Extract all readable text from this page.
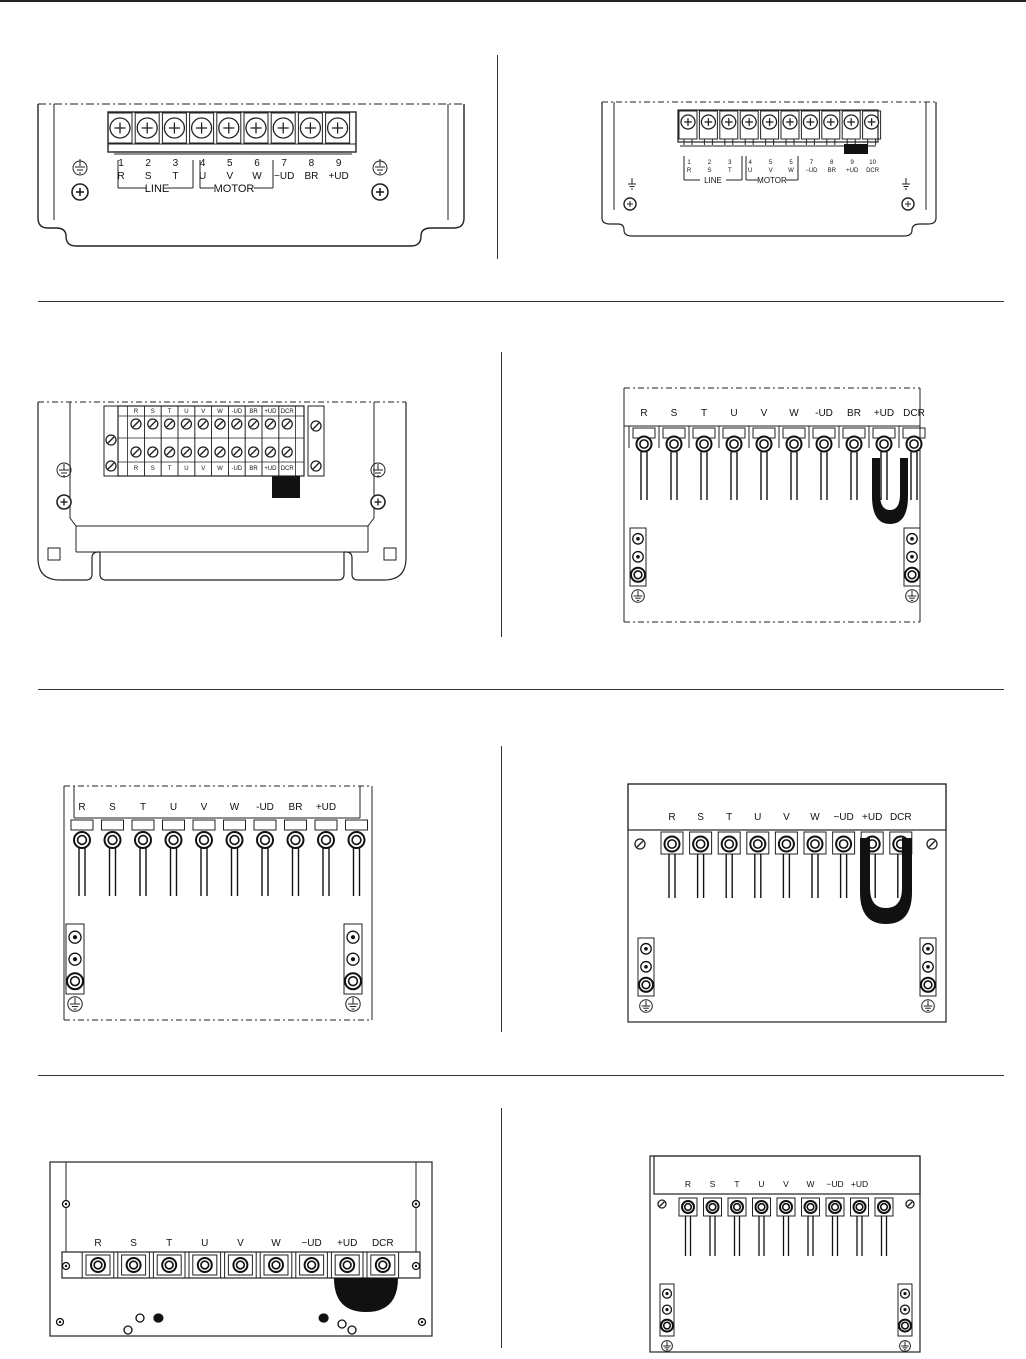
1
R
2
S
3
T
4
U
5
V
6
W
7
−UD
8
BR
9
+UD
LINE	MOTOR
1
R
2
S
3
T
4
U
5
V
5
W
7
−UD
8
BR
9
+UD
10
DCR
LINE	MOTOR
R
R
S
S
T
T
U
U
V
V
W
W
-UD
-UD
BR
BR
+UD
+UD
DCR
DCR
R S T U V W -UD BR +UD DCR
R S T U V W -UD BR +UD
R S T U V W −UD +UD DCR
R	S	T	U	V	W −UD +UD DCR
R S T U V W −UD +UD
